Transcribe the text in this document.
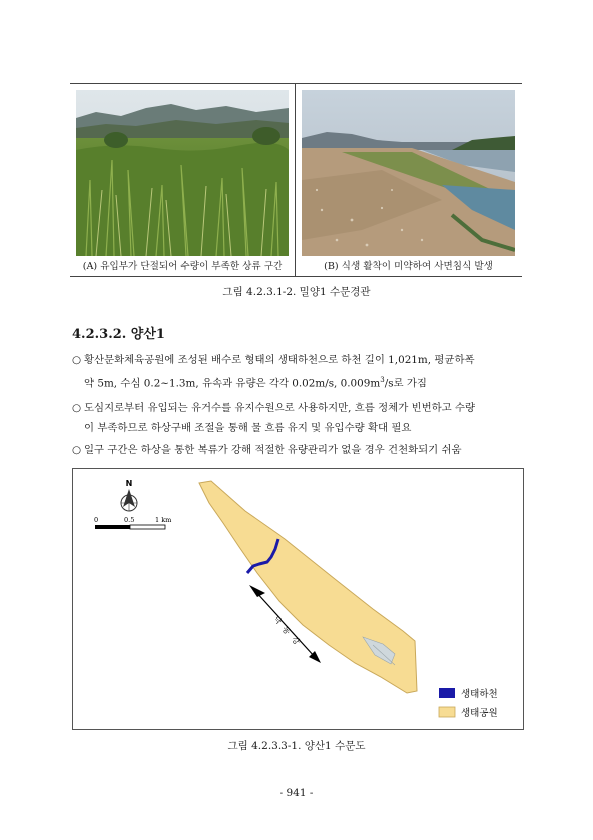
(A) 유입부가 단절되어 수량이 부족한 상류 구간	(B) 식생 활착이 미약하여 사면침식 발생
그림 4.2.3.1-2. 밀양1 수문경관
4.2.3.2. 양산1
○ 황산문화체육공원에 조성된 배수로 형태의 생태하천으로 하천 길이 1,021m, 평균하폭
약 5m, 수심 0.2~1.3m, 유속과 유량은 각각 0.02m/s, $0.009m^3/s$로 가짐
○ 도심지로부터 유입되는 유거수를 유지수원으로 사용하지만, 흐름 정체가 빈번하고 수량
이 부족하므로 하상구배 조절을 통해 물 흐름 유지 및 유입수량 확대 필요
○ 일구 구간은 하상을 통한 복류가 강해 적절한 유량관리가 없을 경우 건천화되기 쉬움
N
0	0.5	1 km
낙동강
생태하천
생태공원
그림 4.2.3.3-1. 양산1 수문도
- 941 -
